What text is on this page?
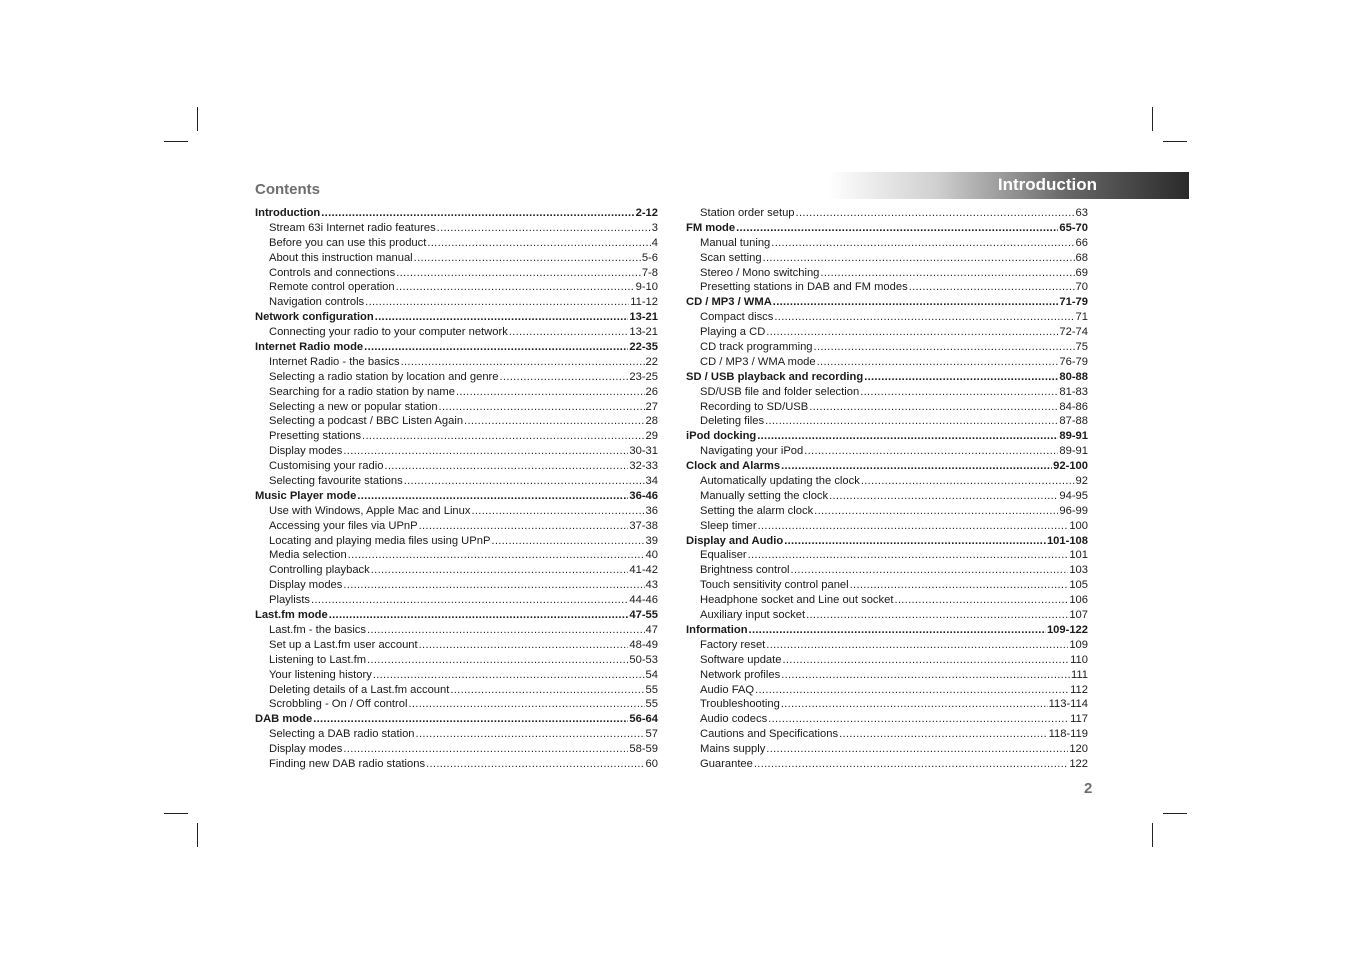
Contents	Introduction
Introduction .....	2-12
Stream 63i Internet radio features .....	3
Before you can use this product .....	4
About this instruction manual .....	5-6
Controls and connections .....	7-8
Remote control operation .....	9-10
Navigation controls .....	11-12
Network configuration .....	13-21
Connecting your radio to your computer network .....	13-21
Internet Radio mode .....	22-35
Internet Radio - the basics .....	22
Selecting a radio station by location and genre .....	23-25
Searching for a radio station by name .....	26
Selecting a new or popular station .....	27
Selecting a podcast / BBC Listen Again .....	28
Presetting stations .....	29
Display modes .....	30-31
Customising your radio .....	32-33
Selecting favourite stations .....	34
Music Player mode .....	36-46
Use with Windows, Apple Mac and Linux .....	36
Accessing your files via UPnP .....	37-38
Locating and playing media files using UPnP .....	39
Media selection .....	40
Controlling playback .....	41-42
Display modes .....	43
Playlists .....	44-46
Last.fm mode .....	47-55
Last.fm - the basics .....	47
Set up a Last.fm user account .....	48-49
Listening to Last.fm .....	50-53
Your listening history .....	54
Deleting details of a Last.fm account .....	55
Scrobbling - On / Off control .....	55
DAB mode .....	56-64
Selecting a DAB radio station .....	57
Display modes .....	58-59
Finding new DAB radio stations .....	60
Station order setup .....	63
FM mode .....	65-70
Manual tuning .....	66
Scan setting .....	68
Stereo / Mono switching .....	69
Presetting stations in DAB and FM modes .....	70
CD / MP3 / WMA .....	71-79
Compact discs .....	71
Playing a CD .....	72-74
CD track programming .....	75
CD / MP3 / WMA mode .....	76-79
SD / USB playback and recording .....	80-88
SD/USB file and folder selection .....	81-83
Recording to SD/USB .....	84-86
Deleting files .....	87-88
iPod docking .....	89-91
Navigating your iPod .....	89-91
Clock and Alarms .....	92-100
Automatically updating the clock .....	92
Manually setting the clock .....	94-95
Setting the alarm clock .....	96-99
Sleep timer .....	100
Display and Audio .....	101-108
Equaliser .....	101
Brightness control .....	103
Touch sensitivity control panel .....	105
Headphone socket and Line out socket .....	106
Auxiliary input socket .....	107
Information .....	109-122
Factory reset .....	109
Software update .....	110
Network profiles .....	111
Audio FAQ .....	112
Troubleshooting .....	113-114
Audio codecs .....	117
Cautions and Specifications .....	118-119
Mains supply .....	120
Guarantee .....	122
2
